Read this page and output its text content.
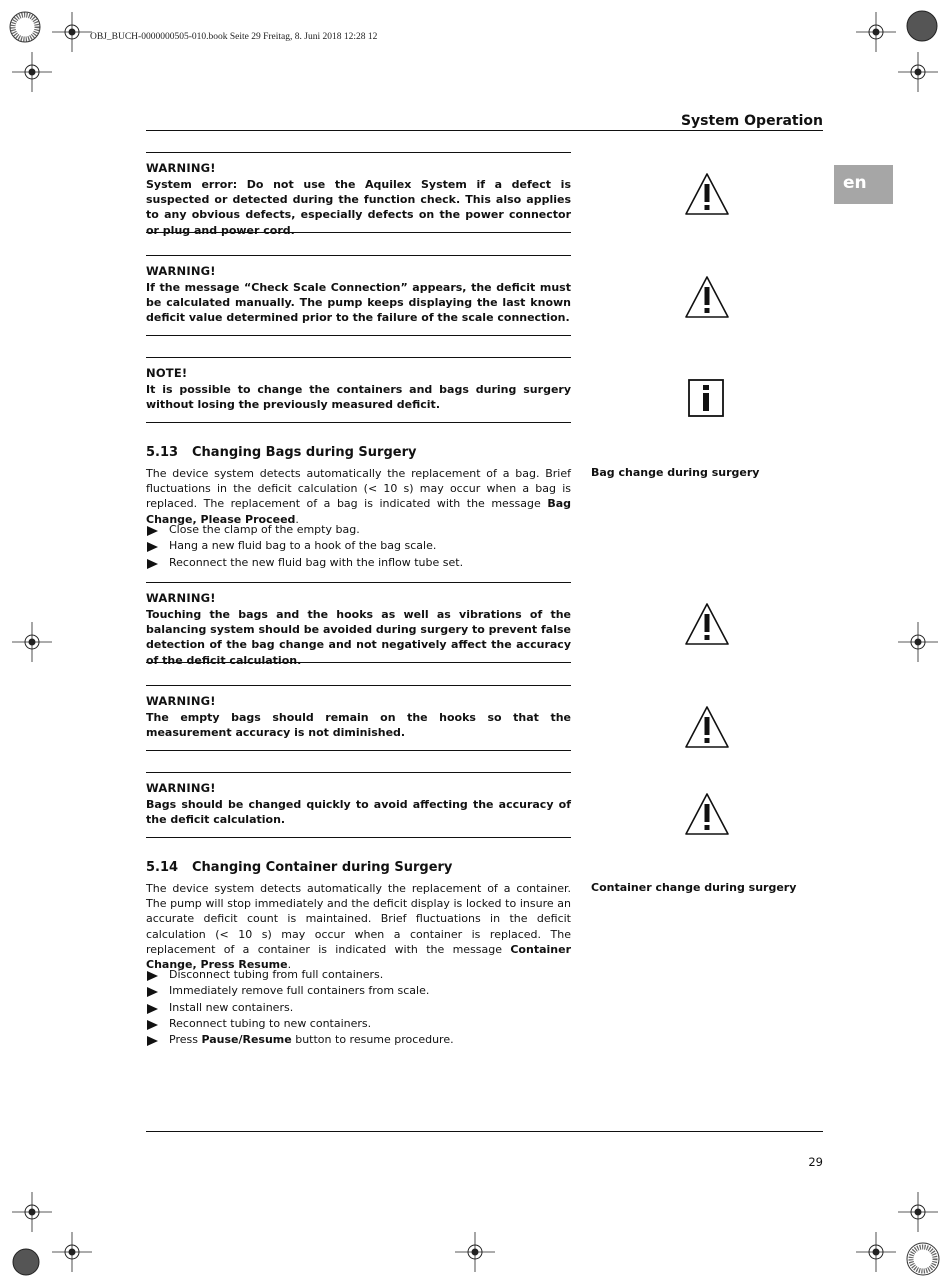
OBJ_BUCH-0000000505-010.book Seite 29 Freitag, 8. Juni 2018 12:28 12
System Operation
en
WARNING!
System error: Do not use the Aquilex System if a defect is suspected or detected during the function check. This also applies to any obvious defects, especially defects on the power connector or plug and power cord.
WARNING!
If the message “Check Scale Connection” appears, the deficit must be calculated manually. The pump keeps displaying the last known deficit value determined prior to the failure of the scale connection.
NOTE!
It is possible to change the containers and bags during surgery without losing the previously measured deficit.
5.13 Changing Bags during Surgery
Bag change during surgery
The device system detects automatically the replacement of a bag. Brief fluctuations in the deficit calculation (< 10 s) may occur when a bag is replaced. The replacement of a bag is indicated with the message Bag Change, Please Proceed.
Close the clamp of the empty bag.
Hang a new fluid bag to a hook of the bag scale.
Reconnect the new fluid bag with the inflow tube set.
WARNING!
Touching the bags and the hooks as well as vibrations of the balancing system should be avoided during surgery to prevent false detection of the bag change and not negatively affect the accuracy of the deficit calculation.
WARNING!
The empty bags should remain on the hooks so that the measurement accuracy is not diminished.
WARNING!
Bags should be changed quickly to avoid affecting the accuracy of the deficit calculation.
5.14 Changing Container during Surgery
Container change during surgery
The device system detects automatically the replacement of a container. The pump will stop immediately and the deficit display is locked to insure an accurate deficit count is maintained. Brief fluctuations in the deficit calculation (< 10 s) may occur when a container is replaced. The replacement of a container is indicated with the message Container Change, Press Resume.
Disconnect tubing from full containers.
Immediately remove full containers from scale.
Install new containers.
Reconnect tubing to new containers.
Press Pause/Resume button to resume procedure.
29
